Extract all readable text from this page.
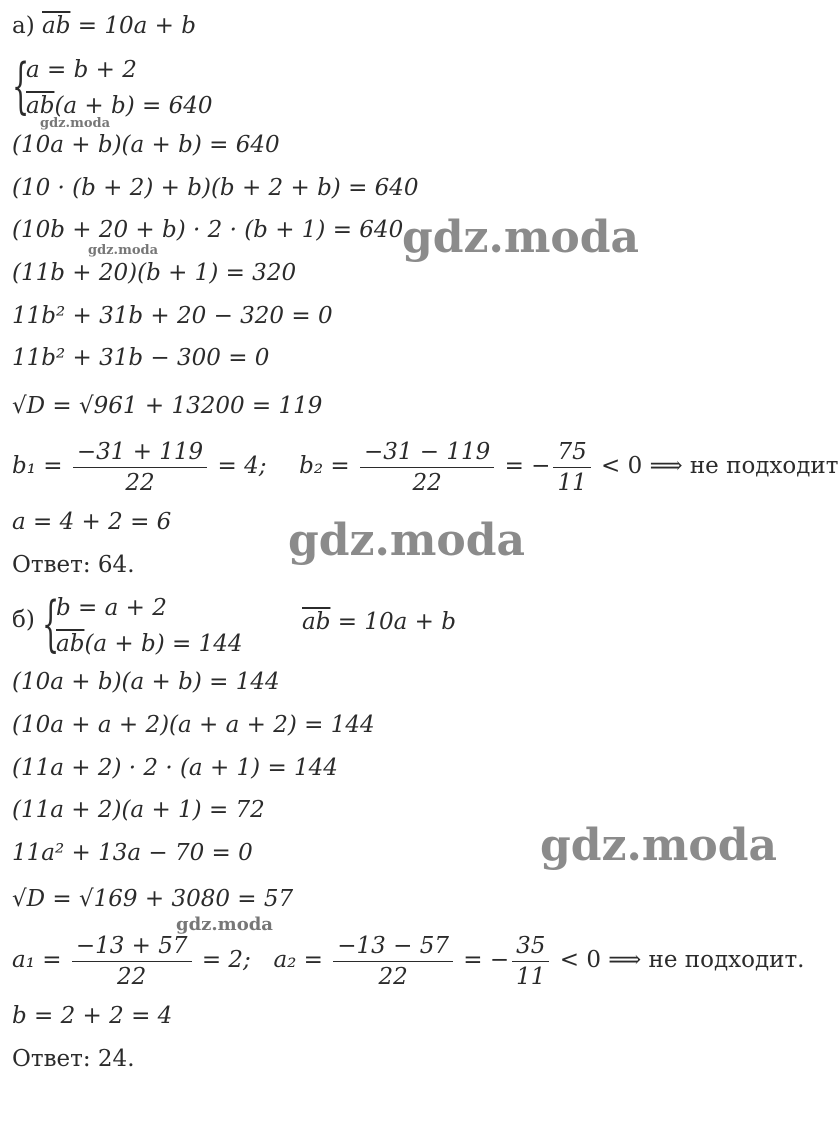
а) $\overline{ab} = 10a + b$
{
a = b + 2
$\overline{ab}(a + b) = 640$
(10a + b)(a + b) = 640
(10 · (b + 2) + b)(b + 2 + b) = 640
(10b + 20 + b) · 2 · (b + 1) = 640
(11b + 20)(b + 1) = 320
11b² + 31b + 20 − 320 = 0
11b² + 31b − 300 = 0
√D = √961 + 13200 = 119
$b_1 = \frac{-31 + 119}{22} = 4$; $b_2 = \frac{-31 - 119}{22}$ = − $\frac{75}{11} < 0$ ⟹ не подходит
a = 4 + 2 = 6
Ответ: 64.
б) {
b = a + 2
$\overline{ab}(a + b) = 144$
$\overline{ab} = 10a + b$
(10a + b)(a + b) = 144
(10a + a + 2)(a + a + 2) = 144
(11a + 2) · 2 · (a + 1) = 144
(11a + 2)(a + 1) = 72
11a² + 13a − 70 = 0
√D = √169 + 3080 = 57
$a_1 = \frac{-13 + 57}{22} = 2$; $a_2 = \frac{-13 - 57}{22}$ = − $\frac{35}{11} < 0$ ⟹ не подходит.
b = 2 + 2 = 4
Ответ: 24.
gdz.moda
gdz.moda	gdz.moda
gdz.moda
gdz.moda
gdz.moda
